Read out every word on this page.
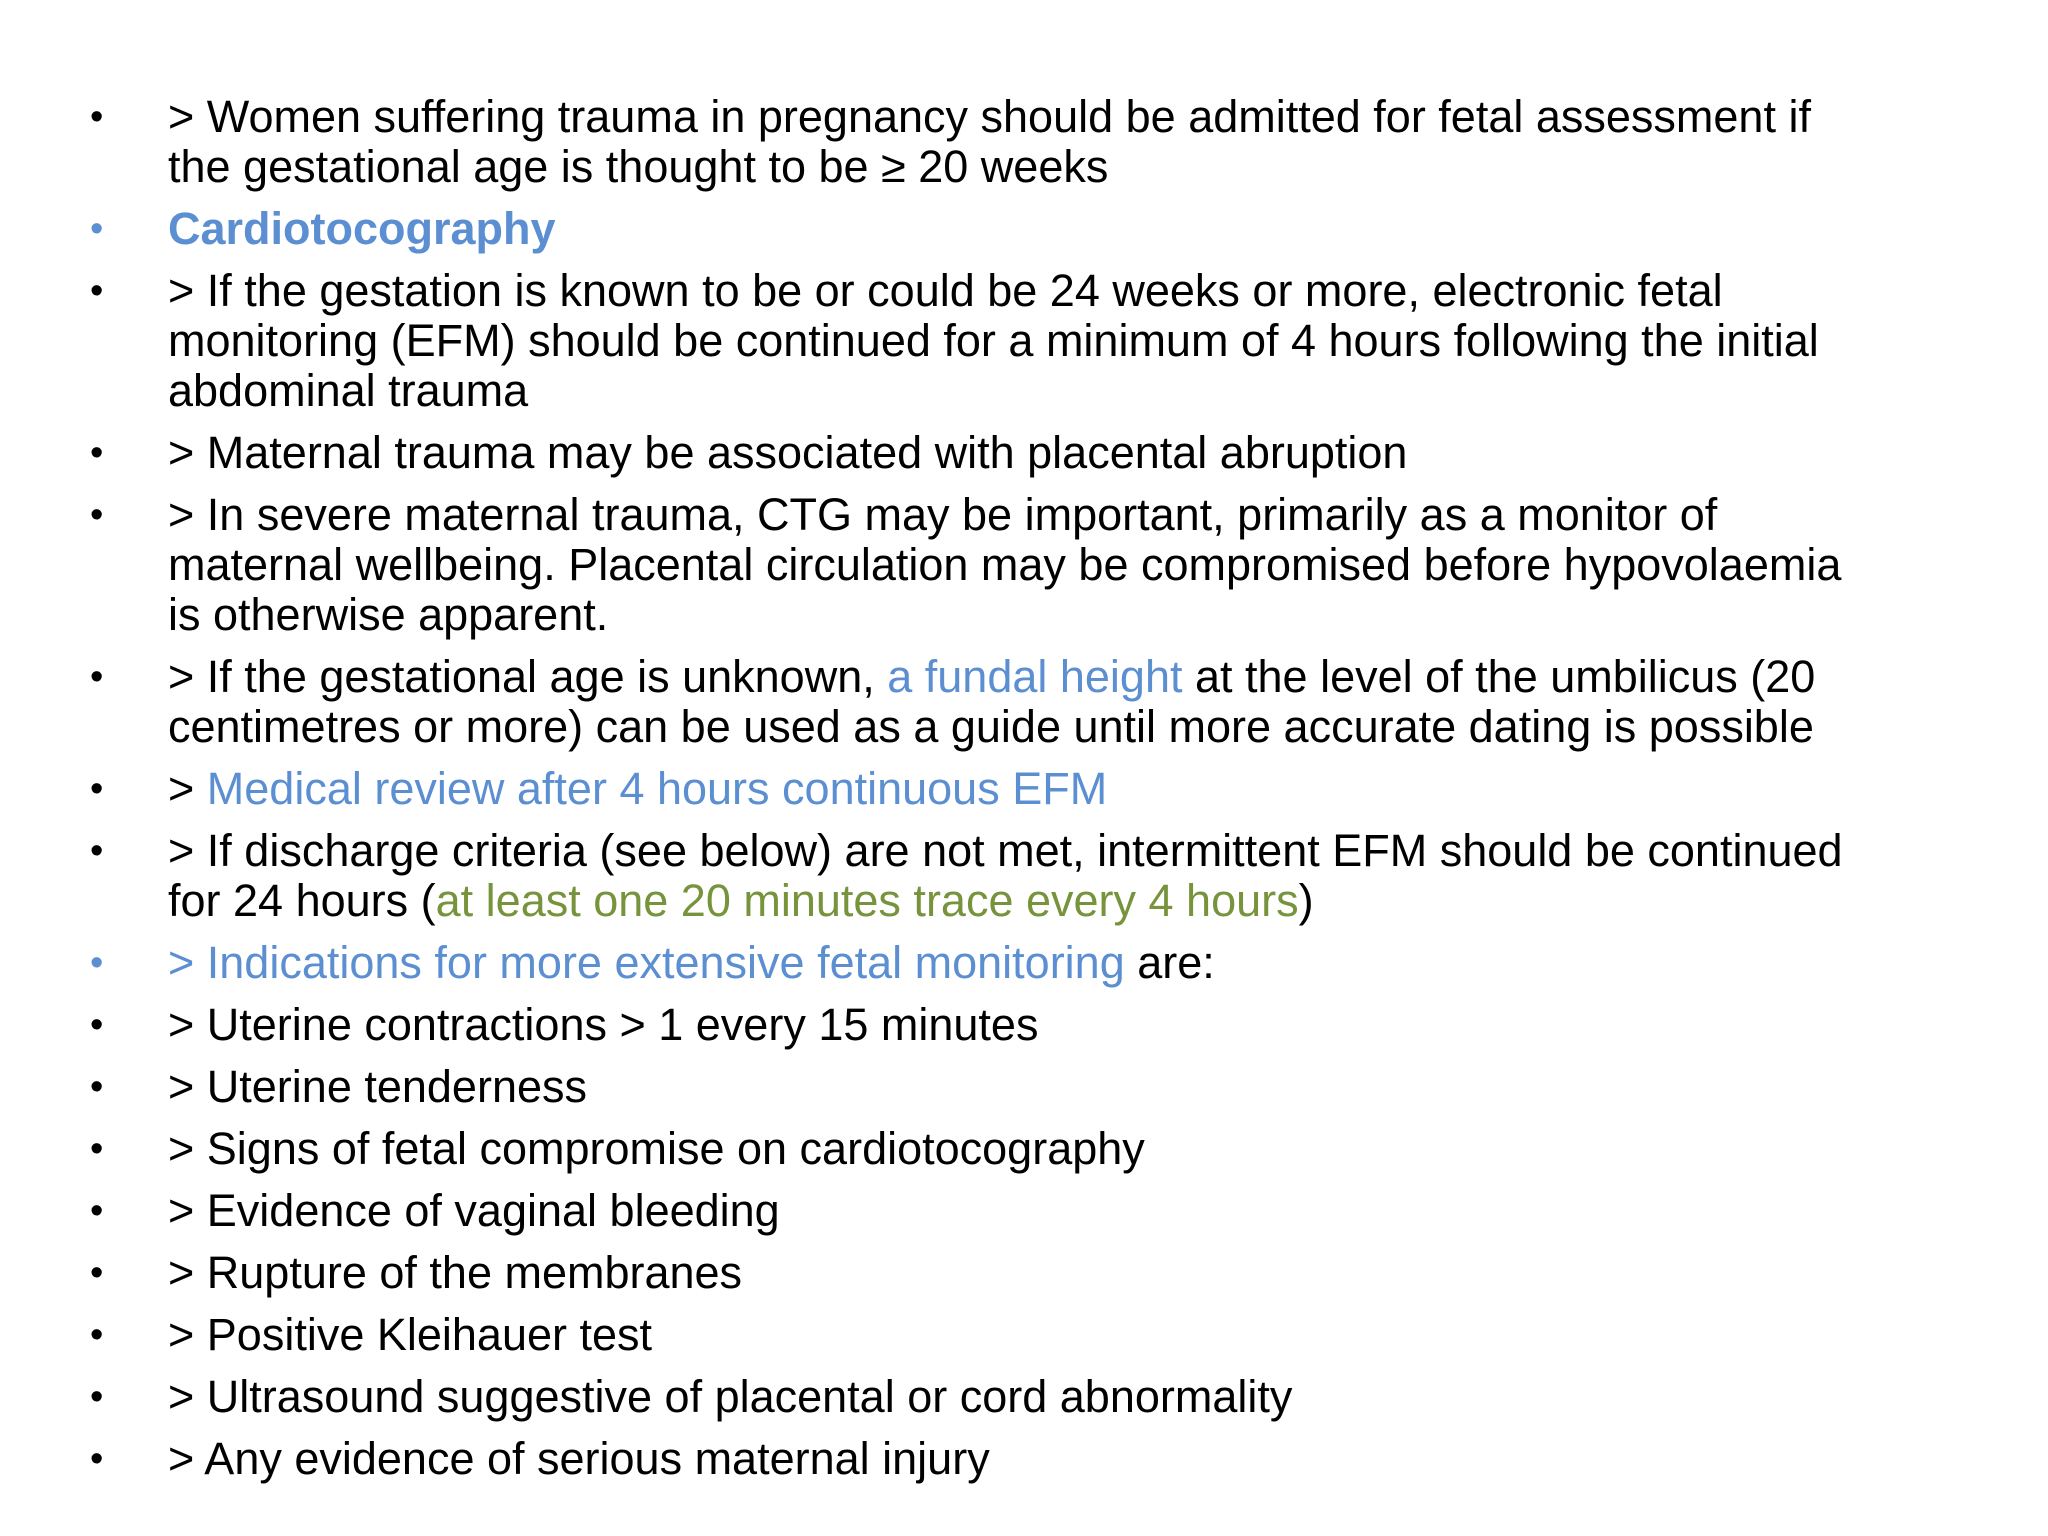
•	> Women suffering trauma in pregnancy should be admitted for fetal assessment if
the gestational age is thought to be ≥ 20 weeks
•	Cardiotocography
•	> If the gestation is known to be or could be 24 weeks or more, electronic fetal
monitoring (EFM) should be continued for a minimum of 4 hours following the initial
abdominal trauma
•	> Maternal trauma may be associated with placental abruption
•	> In severe maternal trauma, CTG may be important, primarily as a monitor of
maternal wellbeing. Placental circulation may be compromised before hypovolaemia
is otherwise apparent.
•	> If the gestational age is unknown, a fundal height at the level of the umbilicus (20
centimetres or more) can be used as a guide until more accurate dating is possible
•	> Medical review after 4 hours continuous EFM
•	> If discharge criteria (see below) are not met, intermittent EFM should be continued
for 24 hours (at least one 20 minutes trace every 4 hours)
•	> Indications for more extensive fetal monitoring are:
•	> Uterine contractions > 1 every 15 minutes
•	> Uterine tenderness
•	> Signs of fetal compromise on cardiotocography
•	> Evidence of vaginal bleeding
•	> Rupture of the membranes
•	> Positive Kleihauer test
•	> Ultrasound suggestive of placental or cord abnormality
•	> Any evidence of serious maternal injury
